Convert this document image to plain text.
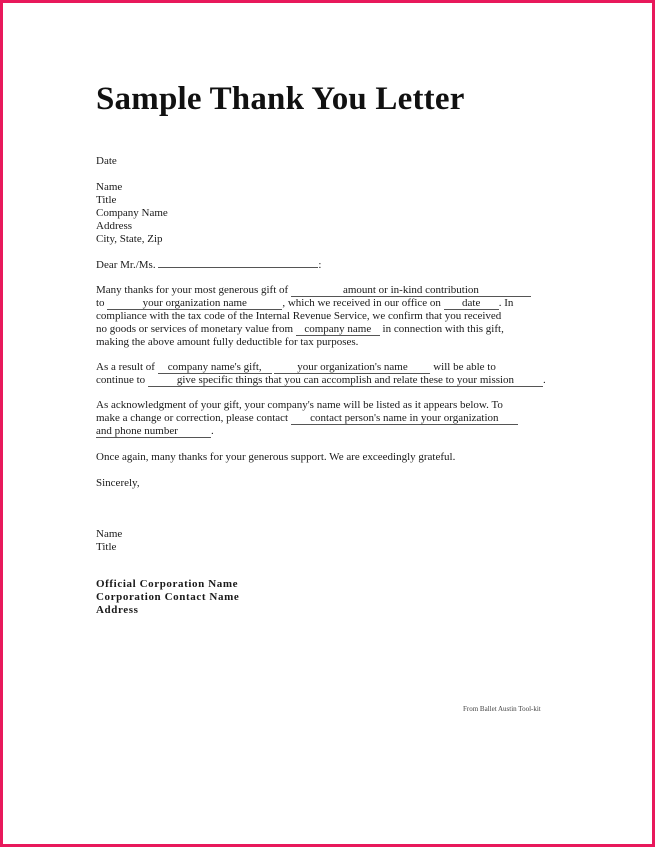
Sample Thank You Letter
Date
Name
Title
Company Name
Address
City, State, Zip
Dear Mr./Ms.	:
Many thanks for your most generous gift of	amount or in-kind contribution
to	your organization name	, which we received in our office on date . In
compliance with the tax code of the Internal Revenue Service, we confirm that you received
no goods or services of monetary value from company name in connection with this gift,
making the above amount fully deductible for tax purposes.
As a result of company name's gift,	your organization's name will be able to
continue to	give specific things that you can accomplish and relate these to your mission	.
As acknowledgment of your gift, your company's name will be listed as it appears below. To
make a change or correction, please contact contact person's name in your organization
and phone number	.
Once again, many thanks for your generous support. We are exceedingly grateful.
Sincerely,
Name
Title
Official Corporation Name
Corporation Contact Name
Address
From Ballet Austin Tool-kit
